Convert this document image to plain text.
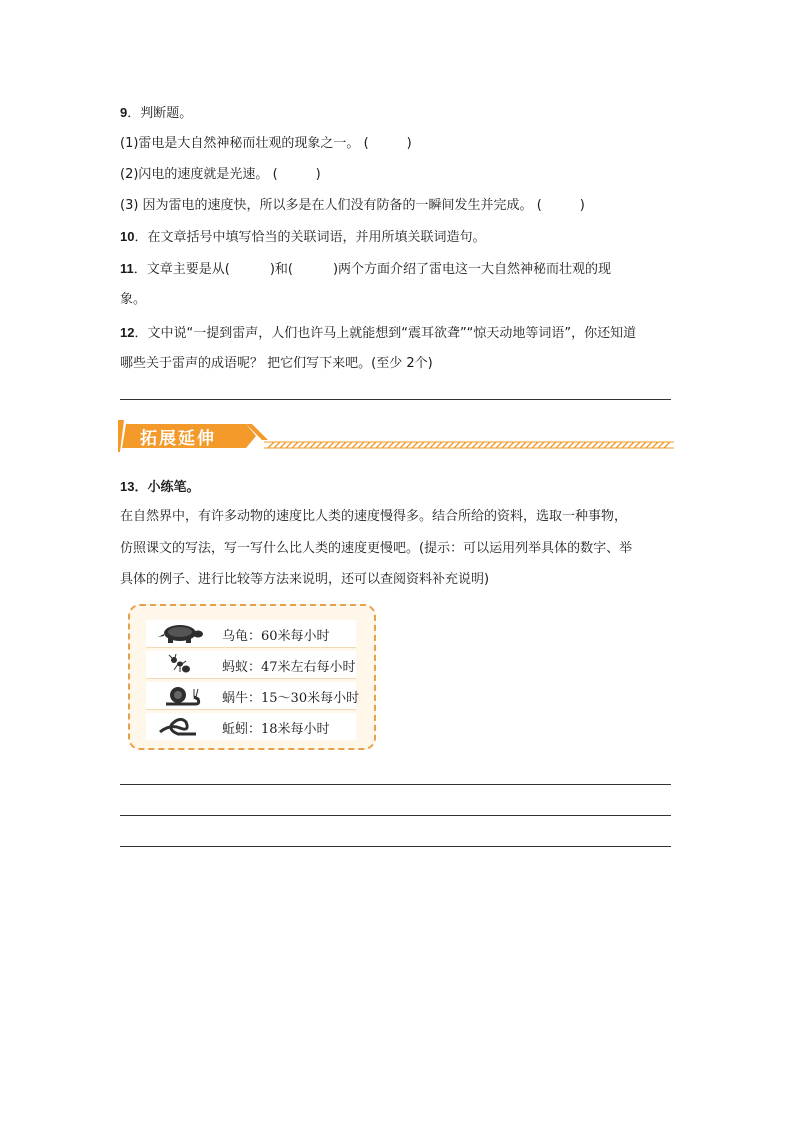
9．判断题。
(1)雷电是大自然神秘而壮观的现象之一。 (	)
(2)闪电的速度就是光速。 (	)
(3) 因为雷电的速度快，所以多是在人们没有防备的一瞬间发生并完成。 (	)
10．在文章括号中填写恰当的关联词语，并用所填关联词造句。
11．文章主要是从(	)和(	)两个方面介绍了雷电这一大自然神秘而壮观的现
象。
12．文中说“一提到雷声，人们也许马上就能想到“震耳欲聋”“惊天动地等词语”，你还知道
哪些关于雷声的成语呢？ 把它们写下来吧。(至少 2个)
拓展延伸
13．小练笔。
在自然界中，有许多动物的速度比人类的速度慢得多。结合所给的资料，选取一种事物，
仿照课文的写法，写一写什么比人类的速度更慢吧。(提示：可以运用列举具体的数字、举
具体的例子、进行比较等方法来说明，还可以查阅资料补充说明)
乌龟：60米每小时
蚂蚁：47米左右每小时
蜗牛：15～30米每小时
蚯蚓：18米每小时
